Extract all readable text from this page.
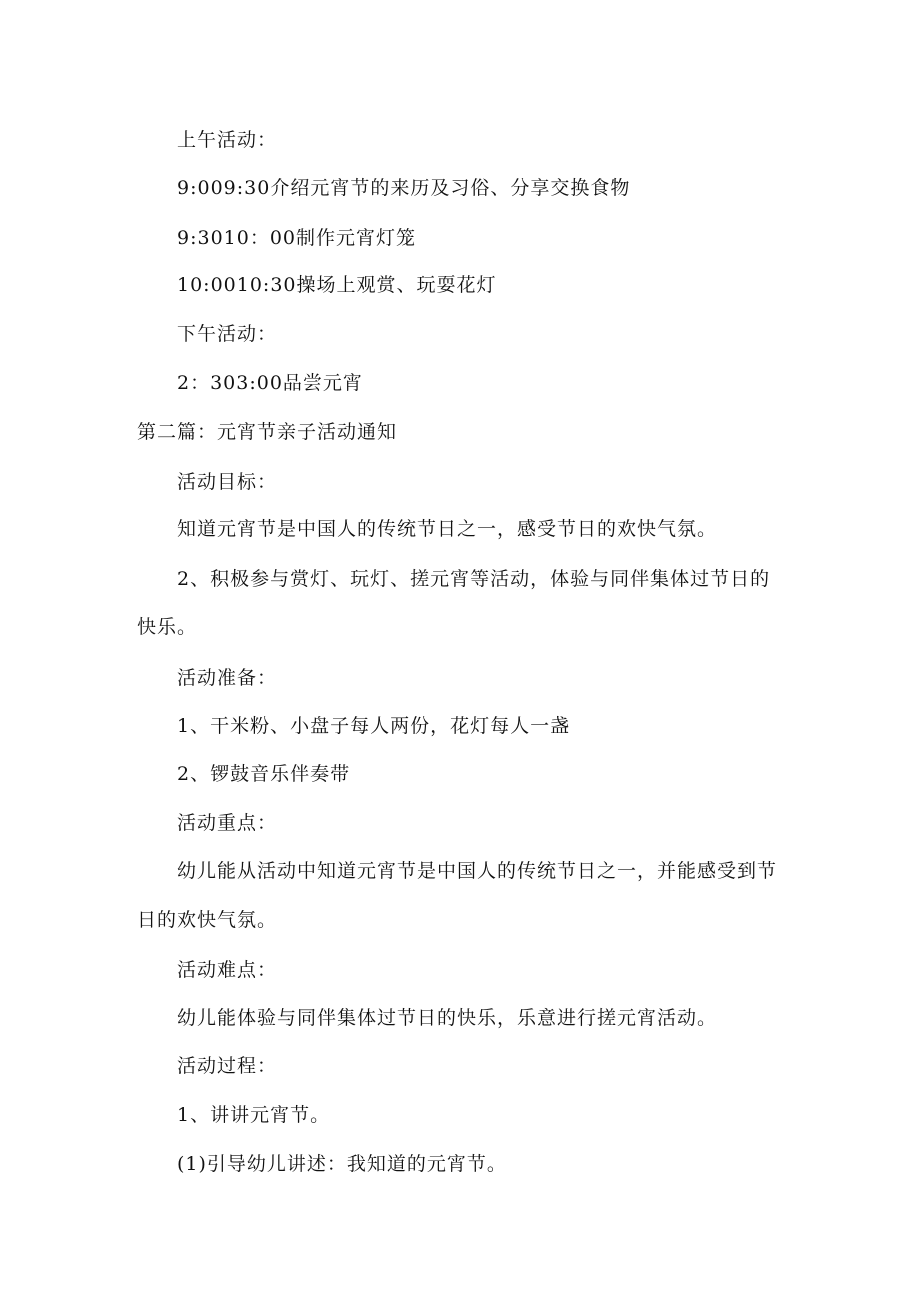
上午活动：
9:009:30介绍元宵节的来历及习俗、分享交换食物
9:3010：00制作元宵灯笼
10:0010:30操场上观赏、玩耍花灯
下午活动：
2：303:00品尝元宵
第二篇：元宵节亲子活动通知
活动目标：
知道元宵节是中国人的传统节日之一，感受节日的欢快气氛。
2、积极参与赏灯、玩灯、搓元宵等活动，体验与同伴集体过节日的
快乐。
活动准备：
1、干米粉、小盘子每人两份，花灯每人一盏
2、锣鼓音乐伴奏带
活动重点：
幼儿能从活动中知道元宵节是中国人的传统节日之一，并能感受到节
日的欢快气氛。
活动难点：
幼儿能体验与同伴集体过节日的快乐，乐意进行搓元宵活动。
活动过程：
1、讲讲元宵节。
(1)引导幼儿讲述：我知道的元宵节。
